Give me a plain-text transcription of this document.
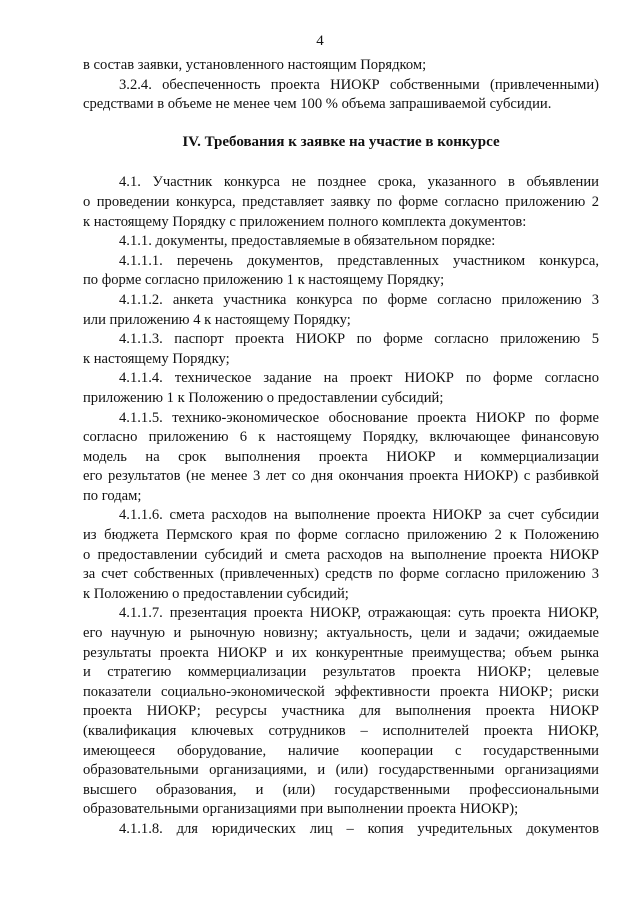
4
в состав заявки, установленного настоящим Порядком;
3.2.4. обеспеченность проекта НИОКР собственными (привлеченными)
средствами в объеме не менее чем 100 % объема запрашиваемой субсидии.
IV. Требования к заявке на участие в конкурсе
4.1. Участник конкурса не позднее срока, указанного в объявлении
о проведении конкурса, представляет заявку по форме согласно приложению 2
к настоящему Порядку с приложением полного комплекта документов:
4.1.1. документы, предоставляемые в обязательном порядке:
4.1.1.1. перечень документов, представленных участником конкурса,
по форме согласно приложению 1 к настоящему Порядку;
4.1.1.2. анкета участника конкурса по форме согласно приложению 3
или приложению 4 к настоящему Порядку;
4.1.1.3. паспорт проекта НИОКР по форме согласно приложению 5
к настоящему Порядку;
4.1.1.4. техническое задание на проект НИОКР по форме согласно
приложению 1 к Положению о предоставлении субсидий;
4.1.1.5. технико-экономическое обоснование проекта НИОКР по форме
согласно приложению 6 к настоящему Порядку, включающее финансовую
модель на срок выполнения проекта НИОКР и коммерциализации
его результатов (не менее 3 лет со дня окончания проекта НИОКР) с разбивкой
по годам;
4.1.1.6. смета расходов на выполнение проекта НИОКР за счет субсидии
из бюджета Пермского края по форме согласно приложению 2 к Положению
о предоставлении субсидий и смета расходов на выполнение проекта НИОКР
за счет собственных (привлеченных) средств по форме согласно приложению 3
к Положению о предоставлении субсидий;
4.1.1.7. презентация проекта НИОКР, отражающая: суть проекта НИОКР,
его научную и рыночную новизну; актуальность, цели и задачи; ожидаемые
результаты проекта НИОКР и их конкурентные преимущества; объем рынка
и стратегию коммерциализации результатов проекта НИОКР; целевые
показатели социально-экономической эффективности проекта НИОКР; риски
проекта НИОКР; ресурсы участника для выполнения проекта НИОКР
(квалификация ключевых сотрудников – исполнителей проекта НИОКР,
имеющееся оборудование, наличие кооперации с государственными
образовательными организациями, и (или) государственными организациями
высшего образования, и (или) государственными профессиональными
образовательными организациями при выполнении проекта НИОКР);
4.1.1.8. для юридических лиц – копия учредительных документов
